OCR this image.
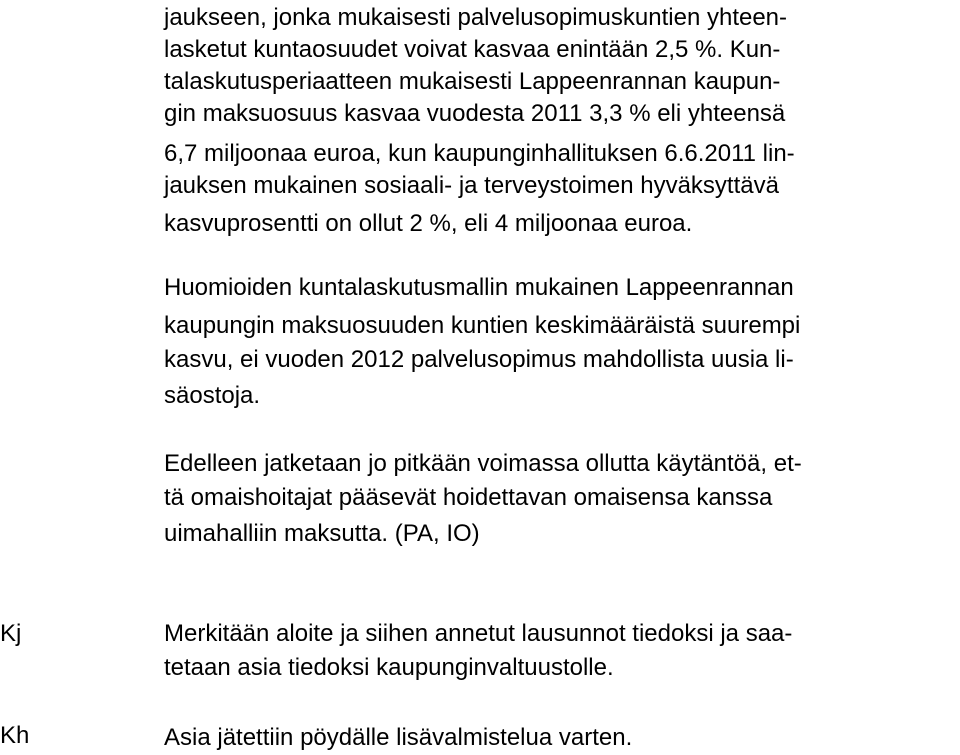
jaukseen, jonka mukaisesti palvelusopimuskuntien yhteen-
lasketut kuntaosuudet voivat kasvaa enintään 2,5 %. Kun-
talaskutusperiaatteen mukaisesti Lappeenrannan kaupun-
gin maksuosuus kasvaa vuodesta 2011 3,3 % eli yhteensä
6,7 miljoonaa euroa, kun kaupunginhallituksen 6.6.2011 lin-
jauksen mukainen sosiaali- ja terveystoimen hyväksyttävä
kasvuprosentti on ollut 2 %, eli 4 miljoonaa euroa.
Huomioiden kuntalaskutusmallin mukainen Lappeenrannan
kaupungin maksuosuuden kuntien keskimääräistä suurempi
kasvu, ei vuoden 2012 palvelusopimus mahdollista uusia li-
säostoja.
Edelleen jatketaan jo pitkään voimassa ollutta käytäntöä, et-
tä omaishoitajat pääsevät hoidettavan omaisensa kanssa
uimahalliin maksutta. (PA, IO)
Kj	Merkitään aloite ja siihen annetut lausunnot tiedoksi ja saa-
tetaan asia tiedoksi kaupunginvaltuustolle.
Kh	Asia jätettiin pöydälle lisävalmistelua varten.
